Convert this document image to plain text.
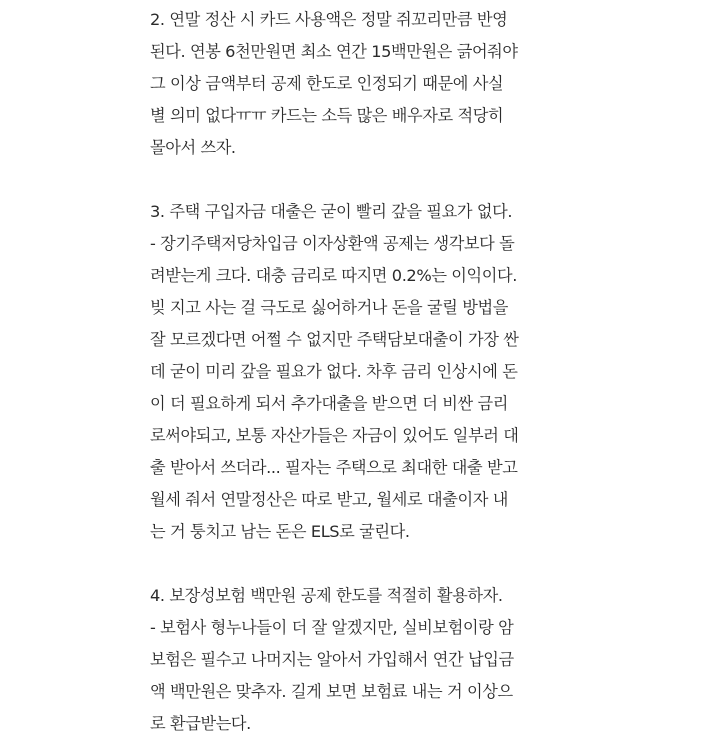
2. 연말 정산 시 카드 사용액은 정말 쥐꼬리만큼 반영
된다. 연봉 6천만원면 최소 연간 15백만원은 긁어줘야
그 이상 금액부터 공제 한도로 인정되기 때문에 사실
별 의미 없다ㅠㅠ 카드는 소득 많은 배우자로 적당히
몰아서 쓰자.
3. 주택 구입자금 대출은 굳이 빨리 갚을 필요가 없다.
- 장기주택저당차입금 이자상환액 공제는 생각보다 돌
려받는게 크다. 대충 금리로 따지면 0.2%는 이익이다.
빚 지고 사는 걸 극도로 싫어하거나 돈을 굴릴 방법을
잘 모르겠다면 어쩔 수 없지만 주택담보대출이 가장 싼
데 굳이 미리 갚을 필요가 없다. 차후 금리 인상시에 돈
이 더 필요하게 되서 추가대출을 받으면 더 비싼 금리
로써야되고, 보통 자산가들은 자금이 있어도 일부러 대
출 받아서 쓰더라... 필자는 주택으로 최대한 대출 받고
월세 줘서 연말정산은 따로 받고, 월세로 대출이자 내
는 거 퉁치고 남는 돈은 ELS로 굴린다.
4. 보장성보험 백만원 공제 한도를 적절히 활용하자.
- 보험사 형누나들이 더 잘 알겠지만, 실비보험이랑 암
보험은 필수고 나머지는 알아서 가입해서 연간 납입금
액 백만원은 맞추자. 길게 보면 보험료 내는 거 이상으
로 환급받는다.
